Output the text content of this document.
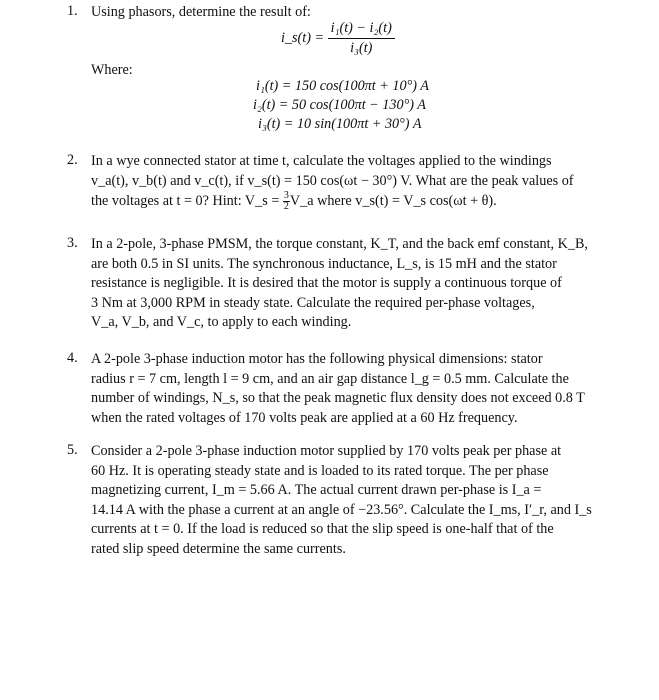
1. Using phasors, determine the result of:
i_s(t) = $\frac{\text{i₁(t) − i₂(t)}}{\text{i₃(t)}}$
Where:
i₁(t) = 150 cos(100πt + 10°) A
i₂(t) = 50 cos(100πt − 130°) A
i₃(t) = 10 sin(100πt + 30°) A
2. In a wye connected stator at time t, calculate the voltages applied to the windings
v_a(t), v_b(t) and v_c(t), if v_s(t) = 150 cos(ωt − 30°) V. What are the peak values of
the voltages at t = 0? Hint: V_s = $\frac{3}{2}$ V_a where v_s(t) = V_s cos(ωt + θ).
3. In a 2-pole, 3-phase PMSM, the torque constant, K_T, and the back emf constant, K_B,
are both 0.5 in SI units. The synchronous inductance, L_s, is 15 mH and the stator
resistance is negligible. It is desired that the motor is supply a continuous torque of
3 Nm at 3,000 RPM in steady state. Calculate the required per-phase voltages,
V_a, V_b, and V_c, to apply to each winding.
4. A 2-pole 3-phase induction motor has the following physical dimensions: stator
radius r = 7 cm, length l = 9 cm, and an air gap distance l_g = 0.5 mm. Calculate the
number of windings, N_s, so that the peak magnetic flux density does not exceed 0.8 T
when the rated voltages of 170 volts peak are applied at a 60 Hz frequency.
5. Consider a 2-pole 3-phase induction motor supplied by 170 volts peak per phase at
60 Hz. It is operating steady state and is loaded to its rated torque. The per phase
magnetizing current, I_m = 5.66 A. The actual current drawn per-phase is I_a =
14.14 A with the phase a current at an angle of −23.56°. Calculate the I_ms, I′_r, and I_s
currents at t = 0. If the load is reduced so that the slip speed is one-half that of the
rated slip speed determine the same currents.
